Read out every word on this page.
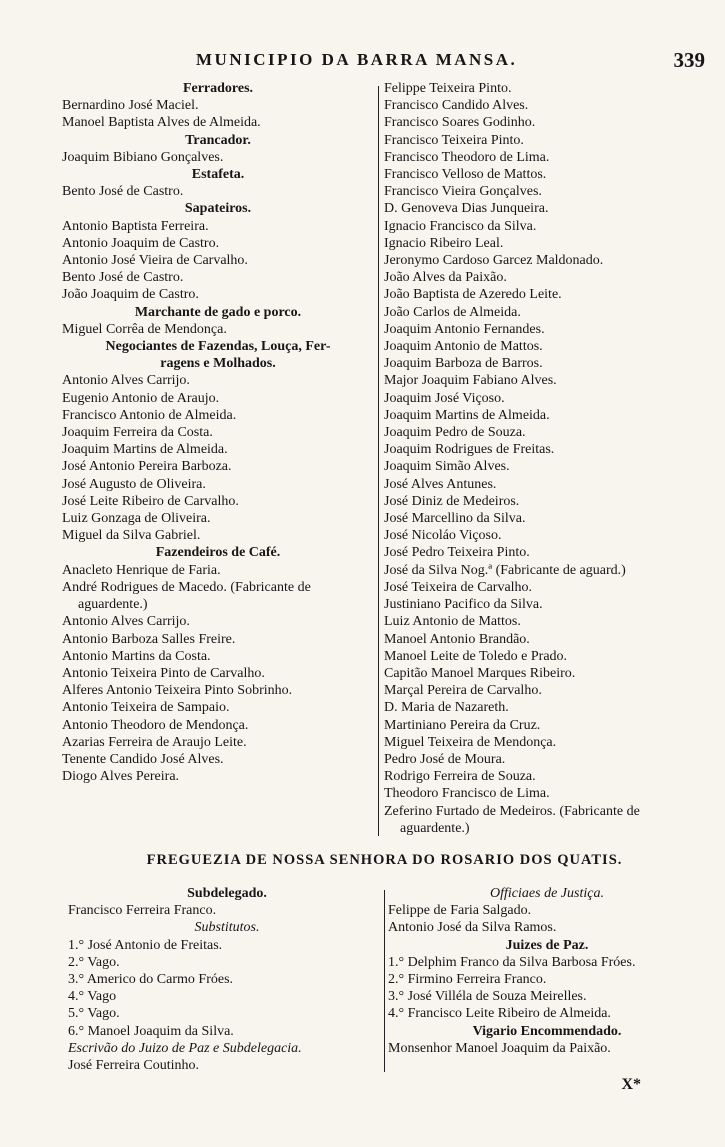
MUNICIPIO DA BARRA MANSA.	339
Ferradores.
Bernardino José Maciel.
Manoel Baptista Alves de Almeida.
Trancador.
Joaquim Bibiano Gonçalves.
Estafeta.
Bento José de Castro.
Sapateiros.
Antonio Baptista Ferreira.
Antonio Joaquim de Castro.
Antonio José Vieira de Carvalho.
Bento José de Castro.
João Joaquim de Castro.
Marchante de gado e porco.
Miguel Corrêa de Mendonça.
Negociantes de Fazendas, Louça, Fer-
ragens e Molhados.
Antonio Alves Carrijo.
Eugenio Antonio de Araujo.
Francisco Antonio de Almeida.
Joaquim Ferreira da Costa.
Joaquim Martins de Almeida.
José Antonio Pereira Barboza.
José Augusto de Oliveira.
José Leite Ribeiro de Carvalho.
Luiz Gonzaga de Oliveira.
Miguel da Silva Gabriel.
Fazendeiros de Café.
Anacleto Henrique de Faria.
André Rodrigues de Macedo. (Fabricante de aguardente.)
Antonio Alves Carrijo.
Antonio Barboza Salles Freire.
Antonio Martins da Costa.
Antonio Teixeira Pinto de Carvalho.
Alferes Antonio Teixeira Pinto Sobrinho.
Antonio Teixeira de Sampaio.
Antonio Theodoro de Mendonça.
Azarias Ferreira de Araujo Leite.
Tenente Candido José Alves.
Diogo Alves Pereira.
Felippe Teixeira Pinto.
Francisco Candido Alves.
Francisco Soares Godinho.
Francisco Teixeira Pinto.
Francisco Theodoro de Lima.
Francisco Velloso de Mattos.
Francisco Vieira Gonçalves.
D. Genoveva Dias Junqueira.
Ignacio Francisco da Silva.
Ignacio Ribeiro Leal.
Jeronymo Cardoso Garcez Maldonado.
João Alves da Paixão.
João Baptista de Azeredo Leite.
João Carlos de Almeida.
Joaquim Antonio Fernandes.
Joaquim Antonio de Mattos.
Joaquim Barboza de Barros.
Major Joaquim Fabiano Alves.
Joaquim José Viçoso.
Joaquim Martins de Almeida.
Joaquim Pedro de Souza.
Joaquim Rodrigues de Freitas.
Joaquim Simão Alves.
José Alves Antunes.
José Diniz de Medeiros.
José Marcellino da Silva.
José Nicoláo Viçoso.
José Pedro Teixeira Pinto.
José da Silva Nog.ª (Fabricante de aguard.)
José Teixeira de Carvalho.
Justiniano Pacifico da Silva.
Luiz Antonio de Mattos.
Manoel Antonio Brandão.
Manoel Leite de Toledo e Prado.
Capitão Manoel Marques Ribeiro.
Marçal Pereira de Carvalho.
D. Maria de Nazareth.
Martiniano Pereira da Cruz.
Miguel Teixeira de Mendonça.
Pedro José de Moura.
Rodrigo Ferreira de Souza.
Theodoro Francisco de Lima.
Zeferino Furtado de Medeiros. (Fabricante de aguardente.)
FREGUEZIA DE NOSSA SENHORA DO ROSARIO DOS QUATIS.
Subdelegado.
Francisco Ferreira Franco.
Substitutos.
1.° José Antonio de Freitas.
2.° Vago.
3.° Americo do Carmo Fróes.
4.° Vago
5.° Vago.
6.° Manoel Joaquim da Silva.
Escrivão do Juizo de Paz e Subdelegacia.
José Ferreira Coutinho.
Officiaes de Justiça.
Felippe de Faria Salgado.
Antonio José da Silva Ramos.
Juizes de Paz.
1.° Delphim Franco da Silva Barbosa Fróes.
2.° Firmino Ferreira Franco.
3.° José Villéla de Souza Meirelles.
4.° Francisco Leite Ribeiro de Almeida.
Vigario Encommendado.
Monsenhor Manoel Joaquim da Paixão.
X*
